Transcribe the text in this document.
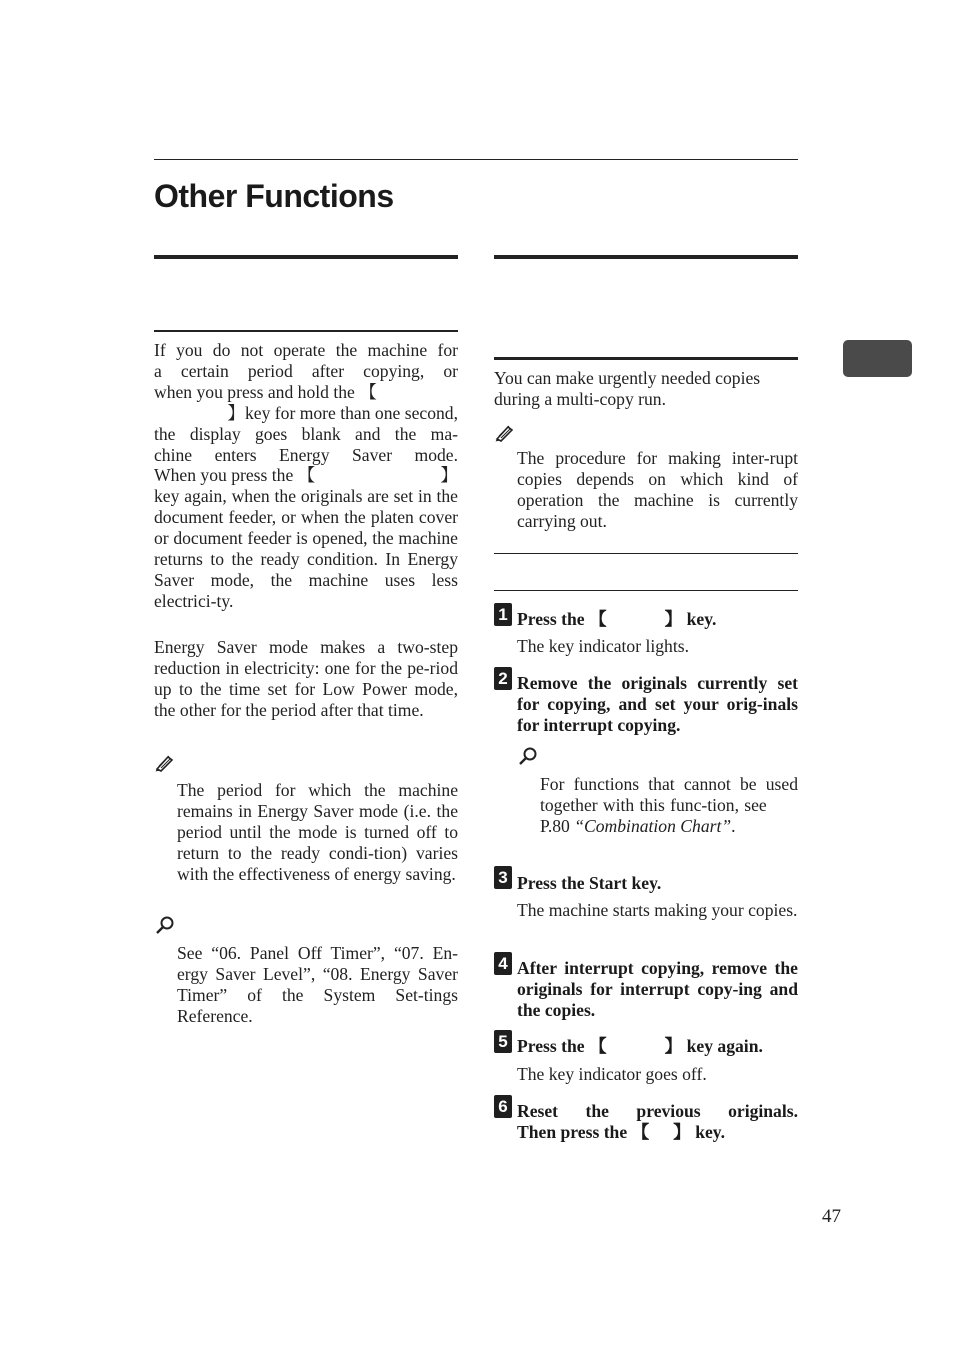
Other Functions
If you do not operate the machine for
a certain period after copying, or
when you press and hold the 【
】key for more than one second,
the display goes blank and the ma-
chine enters Energy Saver mode.
When you press the 【	】
key again, when the originals are set in the document feeder, or when the platen cover or document feeder is opened, the machine returns to the ready condition. In Energy Saver mode, the machine uses less electrici-ty.

Energy Saver mode makes a two-step reduction in electricity: one for the pe-riod up to the time set for Low Power mode, the other for the period after that time.

The period for which the machine remains in Energy Saver mode (i.e. the period until the mode is turned off to return to the ready condi-tion) varies with the effectiveness of energy saving.

See “06. Panel Off Timer”, “07. En-ergy Saver Level”, “08. Energy Saver Timer” of the System Set-tings Reference.

You can make urgently needed copies during a multi-copy run.

The procedure for making inter-rupt copies depends on which kind of operation the machine is currently carrying out.

1 Press the 【	】 key.

The key indicator lights.

2 Remove the originals currently set for copying, and set your orig-inals for interrupt copying.

For functions that cannot be used together with this func-tion, see P.80 “Combination Chart”.

3 Press the Start key.

The machine starts making your copies.

4 After interrupt copying, remove the originals for interrupt copy-ing and the copies.

5 Press the 【	】 key again.

The key indicator goes off.

6 Reset the previous originals.
Then press the 【 】 key.
47
